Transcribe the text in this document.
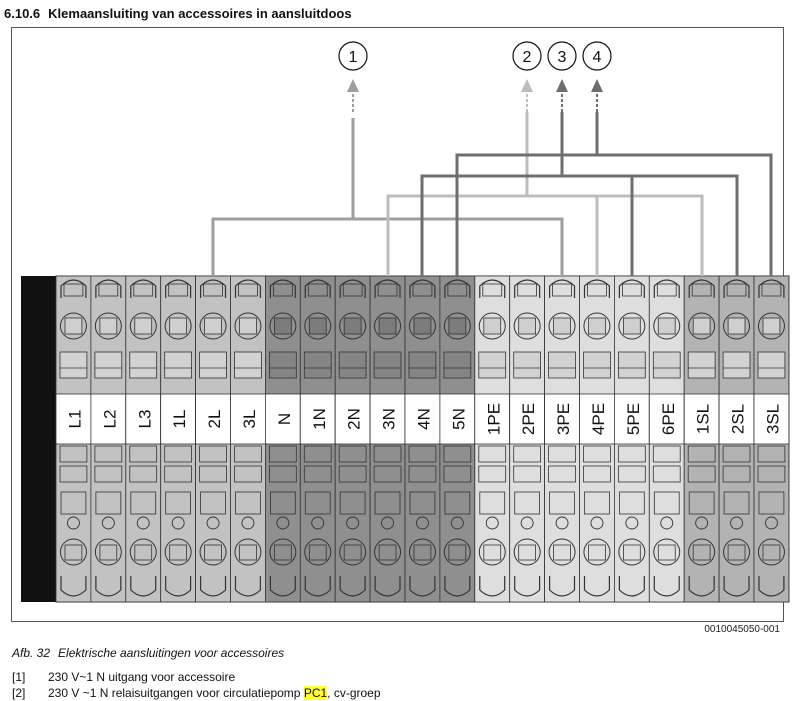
6.10.6 Klemaansluiting van accessoires in aansluitdoos
L1 L2 L3 1L 2L 3L N 1N 2N 3N 4N 5N 1PE 2PE 3PE 4PE 5PE 6PE 1SL 2SL 3SL
1	2 3 4
0010045050-001
Afb. 32 Elektrische aansluitingen voor accessoires
[1]	230 V~1 N uitgang voor accessoire
[2]	230 V ~1 N relaisuitgangen voor circulatiepomp PC1, cv-groep
